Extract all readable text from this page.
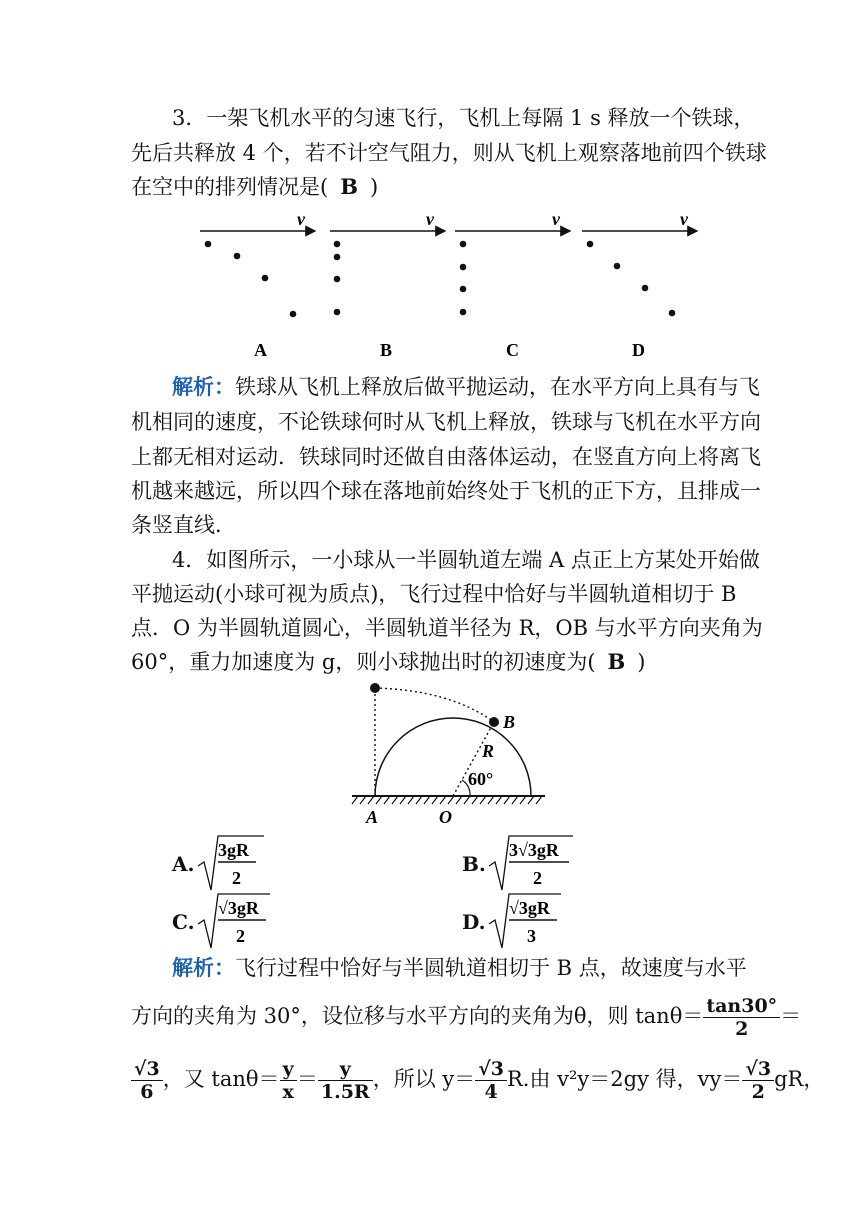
3．一架飞机水平的匀速飞行，飞机上每隔 1 s 释放一个铁球，
先后共释放 4 个，若不计空气阻力，则从飞机上观察落地前四个铁球
在空中的排列情况是( B )
v
A
v
B
v
C
v
D
解析：铁球从飞机上释放后做平抛运动，在水平方向上具有与飞
机相同的速度，不论铁球何时从飞机上释放，铁球与飞机在水平方向
上都无相对运动．铁球同时还做自由落体运动，在竖直方向上将离飞
机越来越远，所以四个球在落地前始终处于飞机的正下方，且排成一
条竖直线．
4．如图所示，一小球从一半圆轨道左端 A 点正上方某处开始做
平抛运动(小球可视为质点)，飞行过程中恰好与半圆轨道相切于 B
点．O 为半圆轨道圆心，半圆轨道半径为 R，OB 与水平方向夹角为
60°，重力加速度为 g，则小球抛出时的初速度为( B )
B
R
60°
A	O
A.
3gR
2
B.
3√3gR
2
C.
√3gR
2
D.
√3gR
3
解析：飞行过程中恰好与半圆轨道相切于 B 点，故速度与水平
方向的夹角为 30°，设位移与水平方向的夹角为θ，则 $\tan\theta= \frac{\tan 30^\circ}{2}$ ＝
$\frac{√3}{6}$ ，又 $\tan\theta= \frac{y}{x} = \frac{y}{1.5R}$ ，所以 $y= \frac{√3}{4} R$.由 v²y＝2gy 得，$vy= \frac{√3}{2}$ gR，
